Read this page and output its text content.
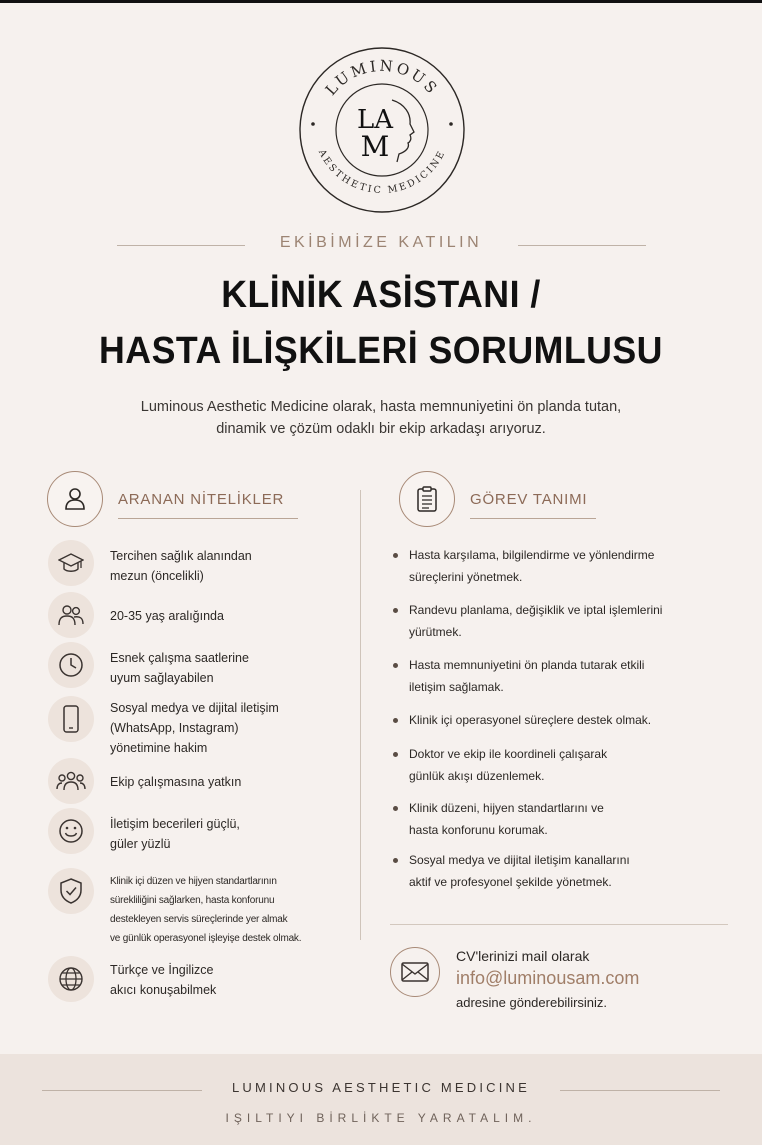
LUMINOUS
AESTHETIC MEDICINE
LA
M
EKİBİMİZE KATILIN
KLİNİK ASİSTANI /
HASTA İLİŞKİLERİ SORUMLUSU
Luminous Aesthetic Medicine olarak, hasta memnuniyetini ön planda tutan,
dinamik ve çözüm odaklı bir ekip arkadaşı arıyoruz.
ARANAN NİTELİKLER	GÖREV TANIMI
Tercihen sağlık alanından
mezun (öncelikli)
20-35 yaş aralığında
Esnek çalışma saatlerine
uyum sağlayabilen
Sosyal medya ve dijital iletişim
(WhatsApp, Instagram)
yönetimine hakim
Ekip çalışmasına yatkın
İletişim becerileri güçlü,
güler yüzlü
Klinik içi düzen ve hijyen standartlarının
sürekliliğini sağlarken, hasta konforunu
destekleyen servis süreçlerinde yer almak
ve günlük operasyonel işleyişe destek olmak.
Türkçe ve İngilizce
akıcı konuşabilmek
Hasta karşılama, bilgilendirme ve yönlendirme
süreçlerini yönetmek.
Randevu planlama, değişiklik ve iptal işlemlerini
yürütmek.
Hasta memnuniyetini ön planda tutarak etkili
iletişim sağlamak.
Klinik içi operasyonel süreçlere destek olmak.
Doktor ve ekip ile koordineli çalışarak
günlük akışı düzenlemek.
Klinik düzeni, hijyen standartlarını ve
hasta konforunu korumak.
Sosyal medya ve dijital iletişim kanallarını
aktif ve profesyonel şekilde yönetmek.
CV'lerinizi mail olarak
info@luminousam.com
adresine gönderebilirsiniz.
LUMINOUS AESTHETIC MEDICINE
IŞILTIYI BİRLİKTE YARATALIM.
